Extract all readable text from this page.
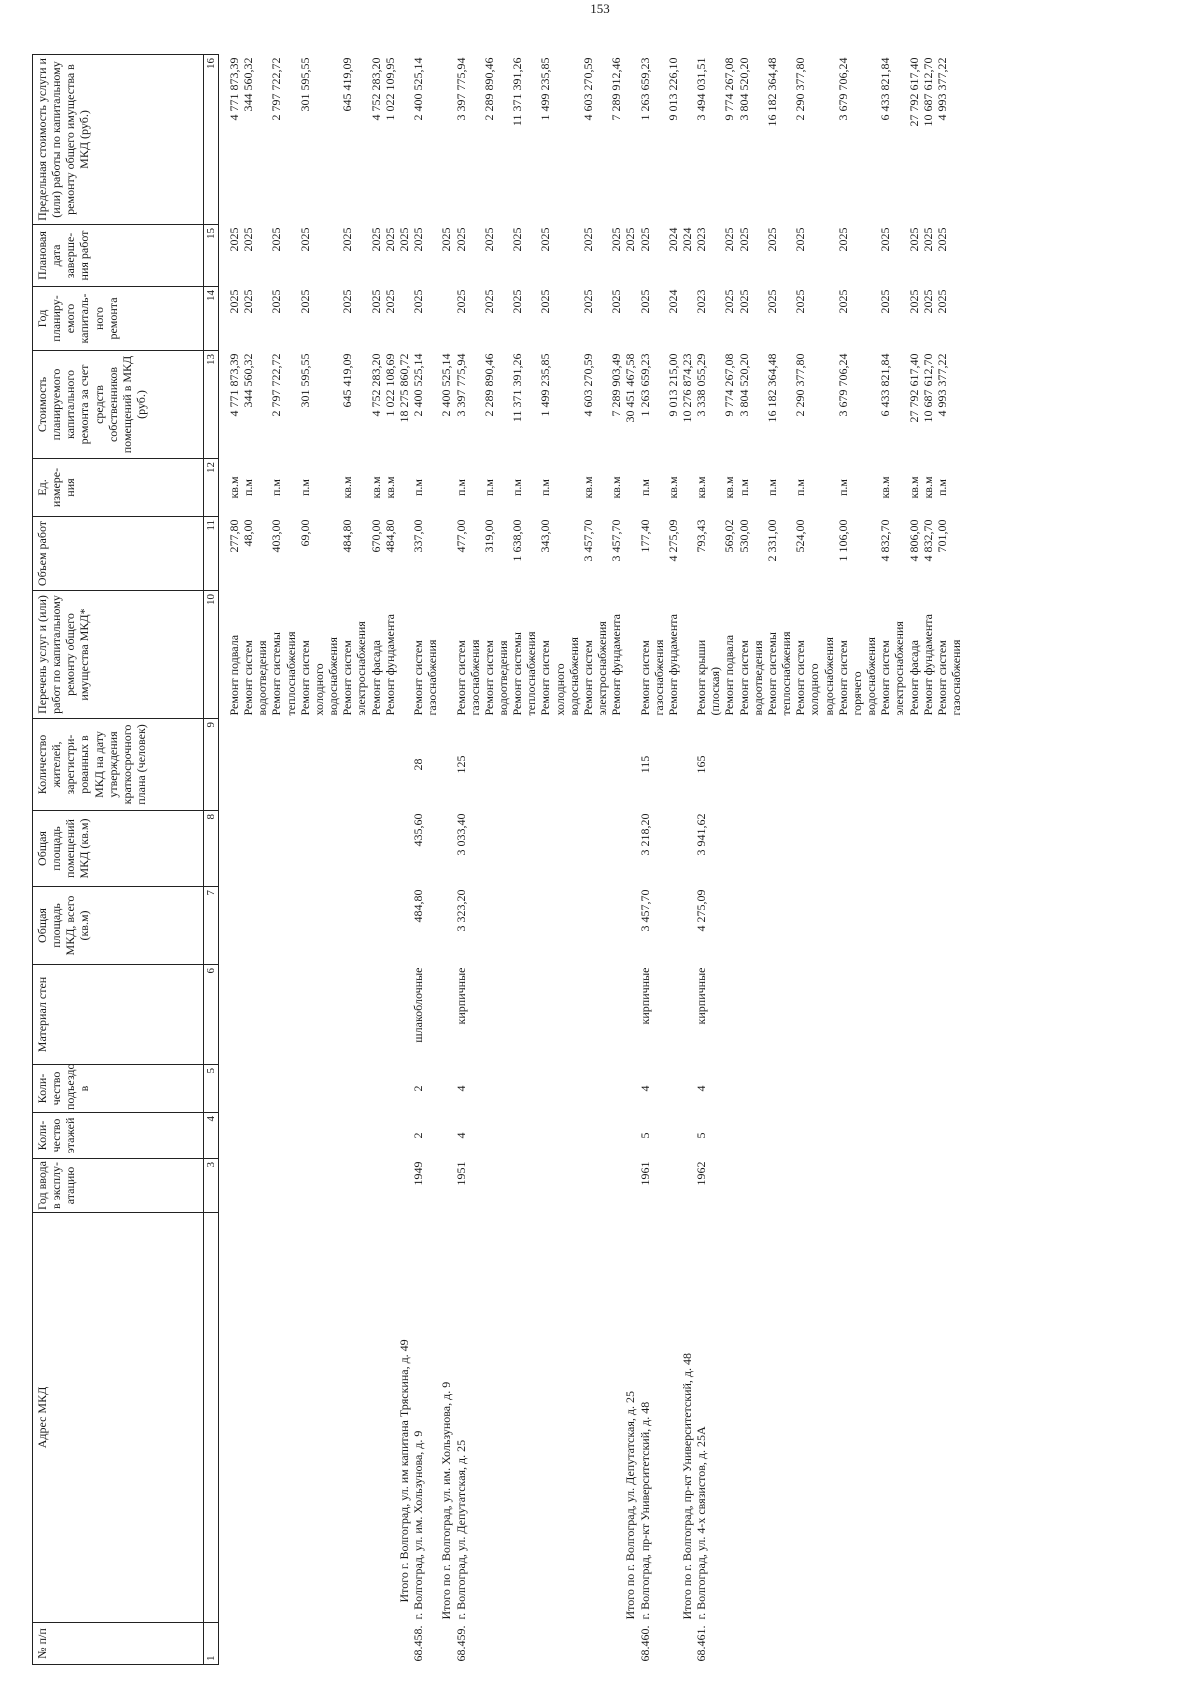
153
№ п/п	Адрес МКД	Год ввода в эксплу- атацию	Коли- чество этажей	Коли- чество подъездо в	Материал стен	Общая площадь МКД, всего (кв.м)	Общая площадь помещений МКД (кв.м)	Количество жителей, зарегистри- рованных в МКД на дату утверждения краткосрочного плана (человек)	Перечень услуг и (или) работ по капитальному ремонту общего имущества МКД*	Объем работ	Ед. измере- ния	Стоимость планируемого капитального ремонта за счет средств собственников помещений в МКД (руб.)	Год планиру- емого капиталь- ного ремонта	Плановая дата заверше- ния работ	Предельная стоимость услуги и (или) работы по капитальному ремонту общего имущества в МКД (руб.)
1		3	4	5	6	7	8	9	10	11	12	13	14	15	16

									Ремонт подвала	277,80	кв.м	4 771 873,39	2025	2025	4 771 873,39
									Ремонт систем водоотведения	48,00	п.м	344 560,32	2025	2025	344 560,32
									Ремонт системы теплоснабжения	403,00	п.м	2 797 722,72	2025	2025	2 797 722,72
									Ремонт систем холодного водоснабжения	69,00	п.м	301 595,55	2025	2025	301 595,55
									Ремонт систем электроснабжения	484,80	кв.м	645 419,09	2025	2025	645 419,09
									Ремонт фасада	670,00	кв.м	4 752 283,20	2025	2025	4 752 283,20
									Ремонт фундамента	484,80	кв.м	1 022 108,69	2025	2025	1 022 109,95
	Итого г. Волгоград, ул. им капитана Тряскина, д. 49											18 275 860,72		2025	
68.458.	г. Волгоград, ул. им. Хользунова, д. 9	1949	2	2	шлакоблочные	484,80	435,60	28	Ремонт систем газоснабжения	337,00	п.м	2 400 525,14	2025	2025	2 400 525,14
	Итого по г. Волгоград, ул. им. Хользунова, д. 9											2 400 525,14		2025	
68.459.	г. Волгоград, ул. Депутатская, д. 25	1951	4	4	кирпичные	3 323,20	3 033,40	125	Ремонт систем газоснабжения	477,00	п.м	3 397 775,94	2025	2025	3 397 775,94
									Ремонт систем водоотведения	319,00	п.м	2 289 890,46	2025	2025	2 289 890,46
									Ремонт системы теплоснабжения	1 638,00	п.м	11 371 391,26	2025	2025	11 371 391,26
									Ремонт систем холодного водоснабжения	343,00	п.м	1 499 235,85	2025	2025	1 499 235,85
									Ремонт систем электроснабжения	3 457,70	кв.м	4 603 270,59	2025	2025	4 603 270,59
									Ремонт фундамента	3 457,70	кв.м	7 289 903,49	2025	2025	7 289 912,46
	Итого по г. Волгоград, ул. Депутатская, д. 25											30 451 467,58		2025	
68.460.	г. Волгоград, пр-кт Университетский, д. 48	1961	5	4	кирпичные	3 457,70	3 218,20	115	Ремонт систем газоснабжения	177,40	п.м	1 263 659,23	2025	2025	1 263 659,23
									Ремонт фундамента	4 275,09	кв.м	9 013 215,00	2024	2024	9 013 226,10
	Итого по г. Волгоград, пр-кт Университетский, д. 48											10 276 874,23		2024	
68.461.	г. Волгоград, ул. 4-х связистов, д. 25А	1962	5	4	кирпичные	4 275,09	3 941,62	165	Ремонт крыши (плоская)	793,43	кв.м	3 338 055,29	2023	2023	3 494 031,51
									Ремонт подвала	569,02	кв.м	9 774 267,08	2025	2025	9 774 267,08
									Ремонт систем водоотведения	530,00	п.м	3 804 520,20	2025	2025	3 804 520,20
									Ремонт системы теплоснабжения	2 331,00	п.м	16 182 364,48	2025	2025	16 182 364,48
									Ремонт систем холодного водоснабжения	524,00	п.м	2 290 377,80	2025	2025	2 290 377,80
									Ремонт систем горячего водоснабжения	1 106,00	п.м	3 679 706,24	2025	2025	3 679 706,24
									Ремонт систем электроснабжения	4 832,70	кв.м	6 433 821,84	2025	2025	6 433 821,84
									Ремонт фасада	4 806,00	кв.м	27 792 617,40	2025	2025	27 792 617,40
									Ремонт фундамента	4 832,70	кв.м	10 687 612,70	2025	2025	10 687 612,70
									Ремонт систем газоснабжения	701,00	п.м	4 993 377,22	2025	2025	4 993 377,22
